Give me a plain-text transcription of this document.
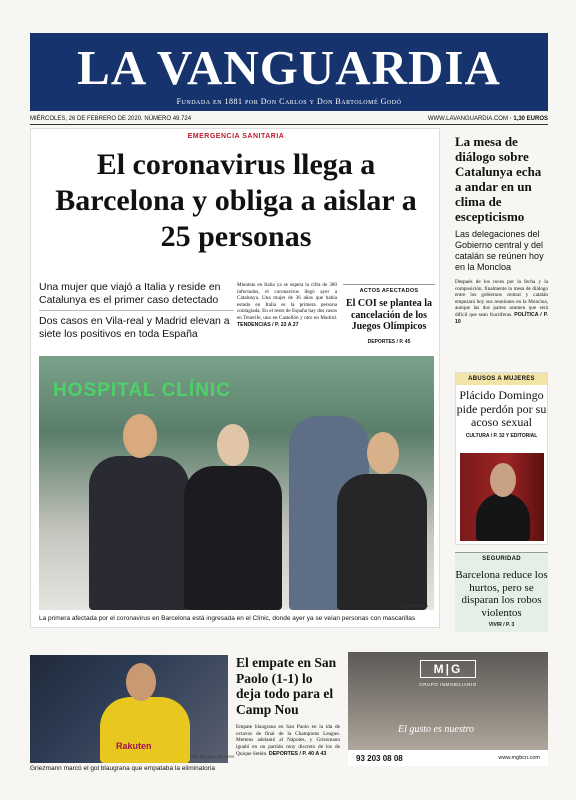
LA VANGUARDIA
Fundada en 1881 por Don Carlos y Don Bartolomé Godó
MIÉRCOLES, 26 DE FEBRERO DE 2020. NÚMERO 49.724	WWW.LAVANGUARDIA.COM · 1,30 EUROS
EMERGENCIA SANITARIA
El coronavirus llega a Barcelona y obliga a aislar a 25 personas
Una mujer que viajó a Italia y reside en Catalunya es el primer caso detectado
Dos casos en Vila-real y Madrid elevan a siete los positivos en toda España
Mientras en Italia ya se supera la cifra de 300 infectados, el coronavirus llegó ayer a Catalunya. Una mujer de 36 años que había estado en Italia es la primera persona contagiada. En el resto de España hay dos casos en Tenerife, uno en Castellón y otro en Madrid. TENDENCIAS / P. 22 A 27
ACTOS AFECTADOS
El COI se plantea la cancelación de los Juegos Olímpicos
DEPORTES / P. 45
HOSPITAL CLÍNIC
MANÉ ESPINOSA
La primera afectada por el coronavirus en Barcelona está ingresada en el Clínic, donde ayer ya se veían personas con mascarillas
La mesa de diálogo sobre Catalunya echa a andar en un clima de escepticismo
Las delegaciones del Gobierno central y del catalán se reúnen hoy en la Moncloa
Después de los roces por la fecha y la composición, finalmente la mesa de diálogo entre los gobiernos central y catalán empezará hoy sus reuniones en la Moncloa, aunque las dos partes asumen que será difícil que sean fructíferas. POLÍTICA / P. 10
ABUSOS A MUJERES
Plácido Domingo pide perdón por su acoso sexual
CULTURA / P. 32 Y EDITORIAL
SEGURIDAD
Barcelona reduce los hurtos, pero se disparan los robos violentos
VIVIR / P. 3
Rakuten
CIRO DE LUCA / REUTERS
Griezmann marcó el gol blaugrana que empataba la eliminatoria
El empate en San Paolo (1-1) lo deja todo para el Camp Nou
Empate blaugrana en San Paolo en la ida de octavos de final de la Champions League. Mertens adelantó al Nápoles, y Griezmann igualó en un partido muy discreto de los de Quique Setién. DEPORTES / P. 40 A 43
M|G
GRUPO INMOBILIARIO
El gusto es nuestro
93 203 08 08	www.mgbcn.com
